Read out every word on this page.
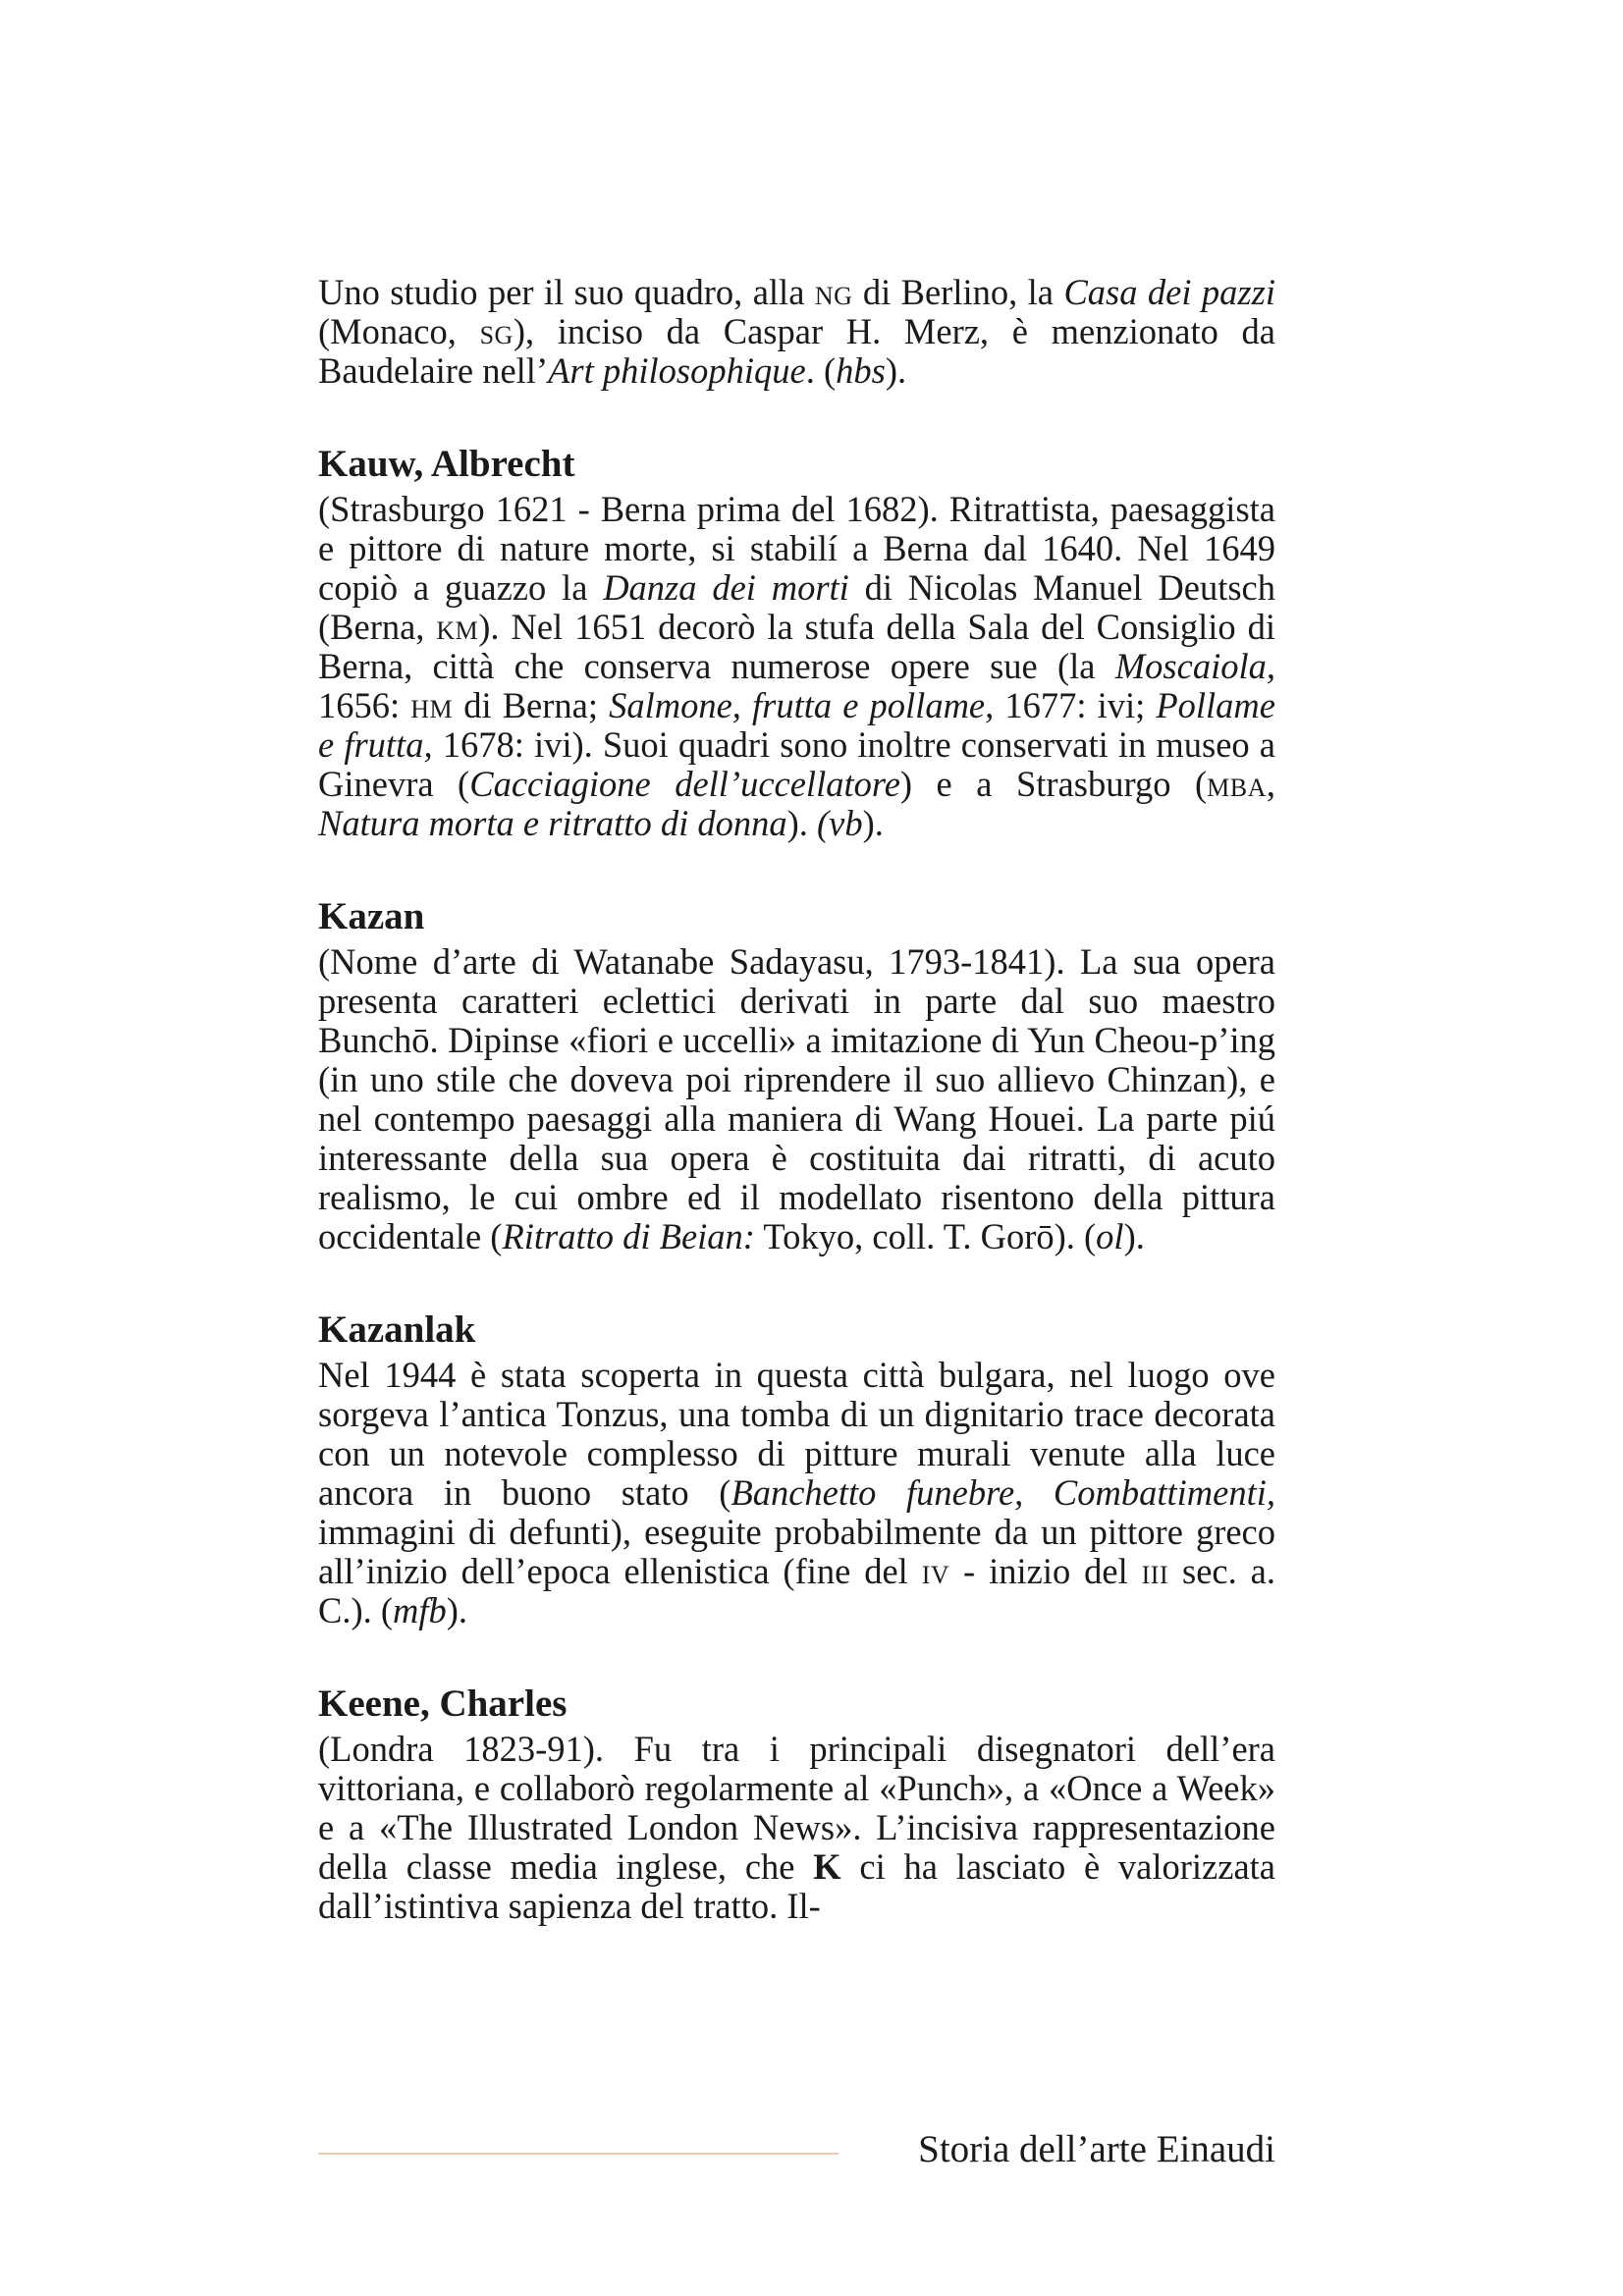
Uno studio per il suo quadro, alla ng di Berlino, la Casa dei pazzi (Monaco, sg), inciso da Caspar H. Merz, è menzionato da Baudelaire nell’Art philosophique. (hbs).

Kauw, Albrecht

(Strasburgo 1621 - Berna prima del 1682). Ritrattista, paesaggista e pittore di nature morte, si stabilí a Berna dal 1640. Nel 1649 copiò a guazzo la Danza dei morti di Nicolas Manuel Deutsch (Berna, km). Nel 1651 decorò la stufa della Sala del Consiglio di Berna, città che conserva numerose opere sue (la Moscaiola, 1656: hm di Berna; Salmone, frutta e pollame, 1677: ivi; Pollame e frutta, 1678: ivi). Suoi quadri sono inoltre conservati in museo a Ginevra (Cacciagione dell’uccellatore) e a Strasburgo (mba, Natura morta e ritratto di donna). (vb).

Kazan

(Nome d’arte di Watanabe Sadayasu, 1793-1841). La sua opera presenta caratteri eclettici derivati in parte dal suo maestro Bunchō. Dipinse «fiori e uccelli» a imitazione di Yun Cheou-p’ing (in uno stile che doveva poi riprendere il suo allievo Chinzan), e nel contempo paesaggi alla maniera di Wang Houei. La parte piú interessante della sua opera è costituita dai ritratti, di acuto realismo, le cui ombre ed il modellato risentono della pittura occidentale (Ritratto di Beian: Tokyo, coll. T. Gorō). (ol).

Kazanlak

Nel 1944 è stata scoperta in questa città bulgara, nel luogo ove sorgeva l’antica Tonzus, una tomba di un dignitario trace decorata con un notevole complesso di pitture murali venute alla luce ancora in buono stato (Banchetto funebre, Combattimenti, immagini di defunti), eseguite probabilmente da un pittore greco all’inizio dell’epoca ellenistica (fine del iv - inizio del iii sec. a. C.). (mfb).

Keene, Charles

(Londra 1823-91). Fu tra i principali disegnatori dell’era vittoriana, e collaborò regolarmente al «Punch», a «Once a Week» e a «The Illustrated London News». L’incisiva rappresentazione della classe media inglese, che K ci ha lasciato è valorizzata dall’istintiva sapienza del tratto. Il-

Storia dell’arte Einaudi
